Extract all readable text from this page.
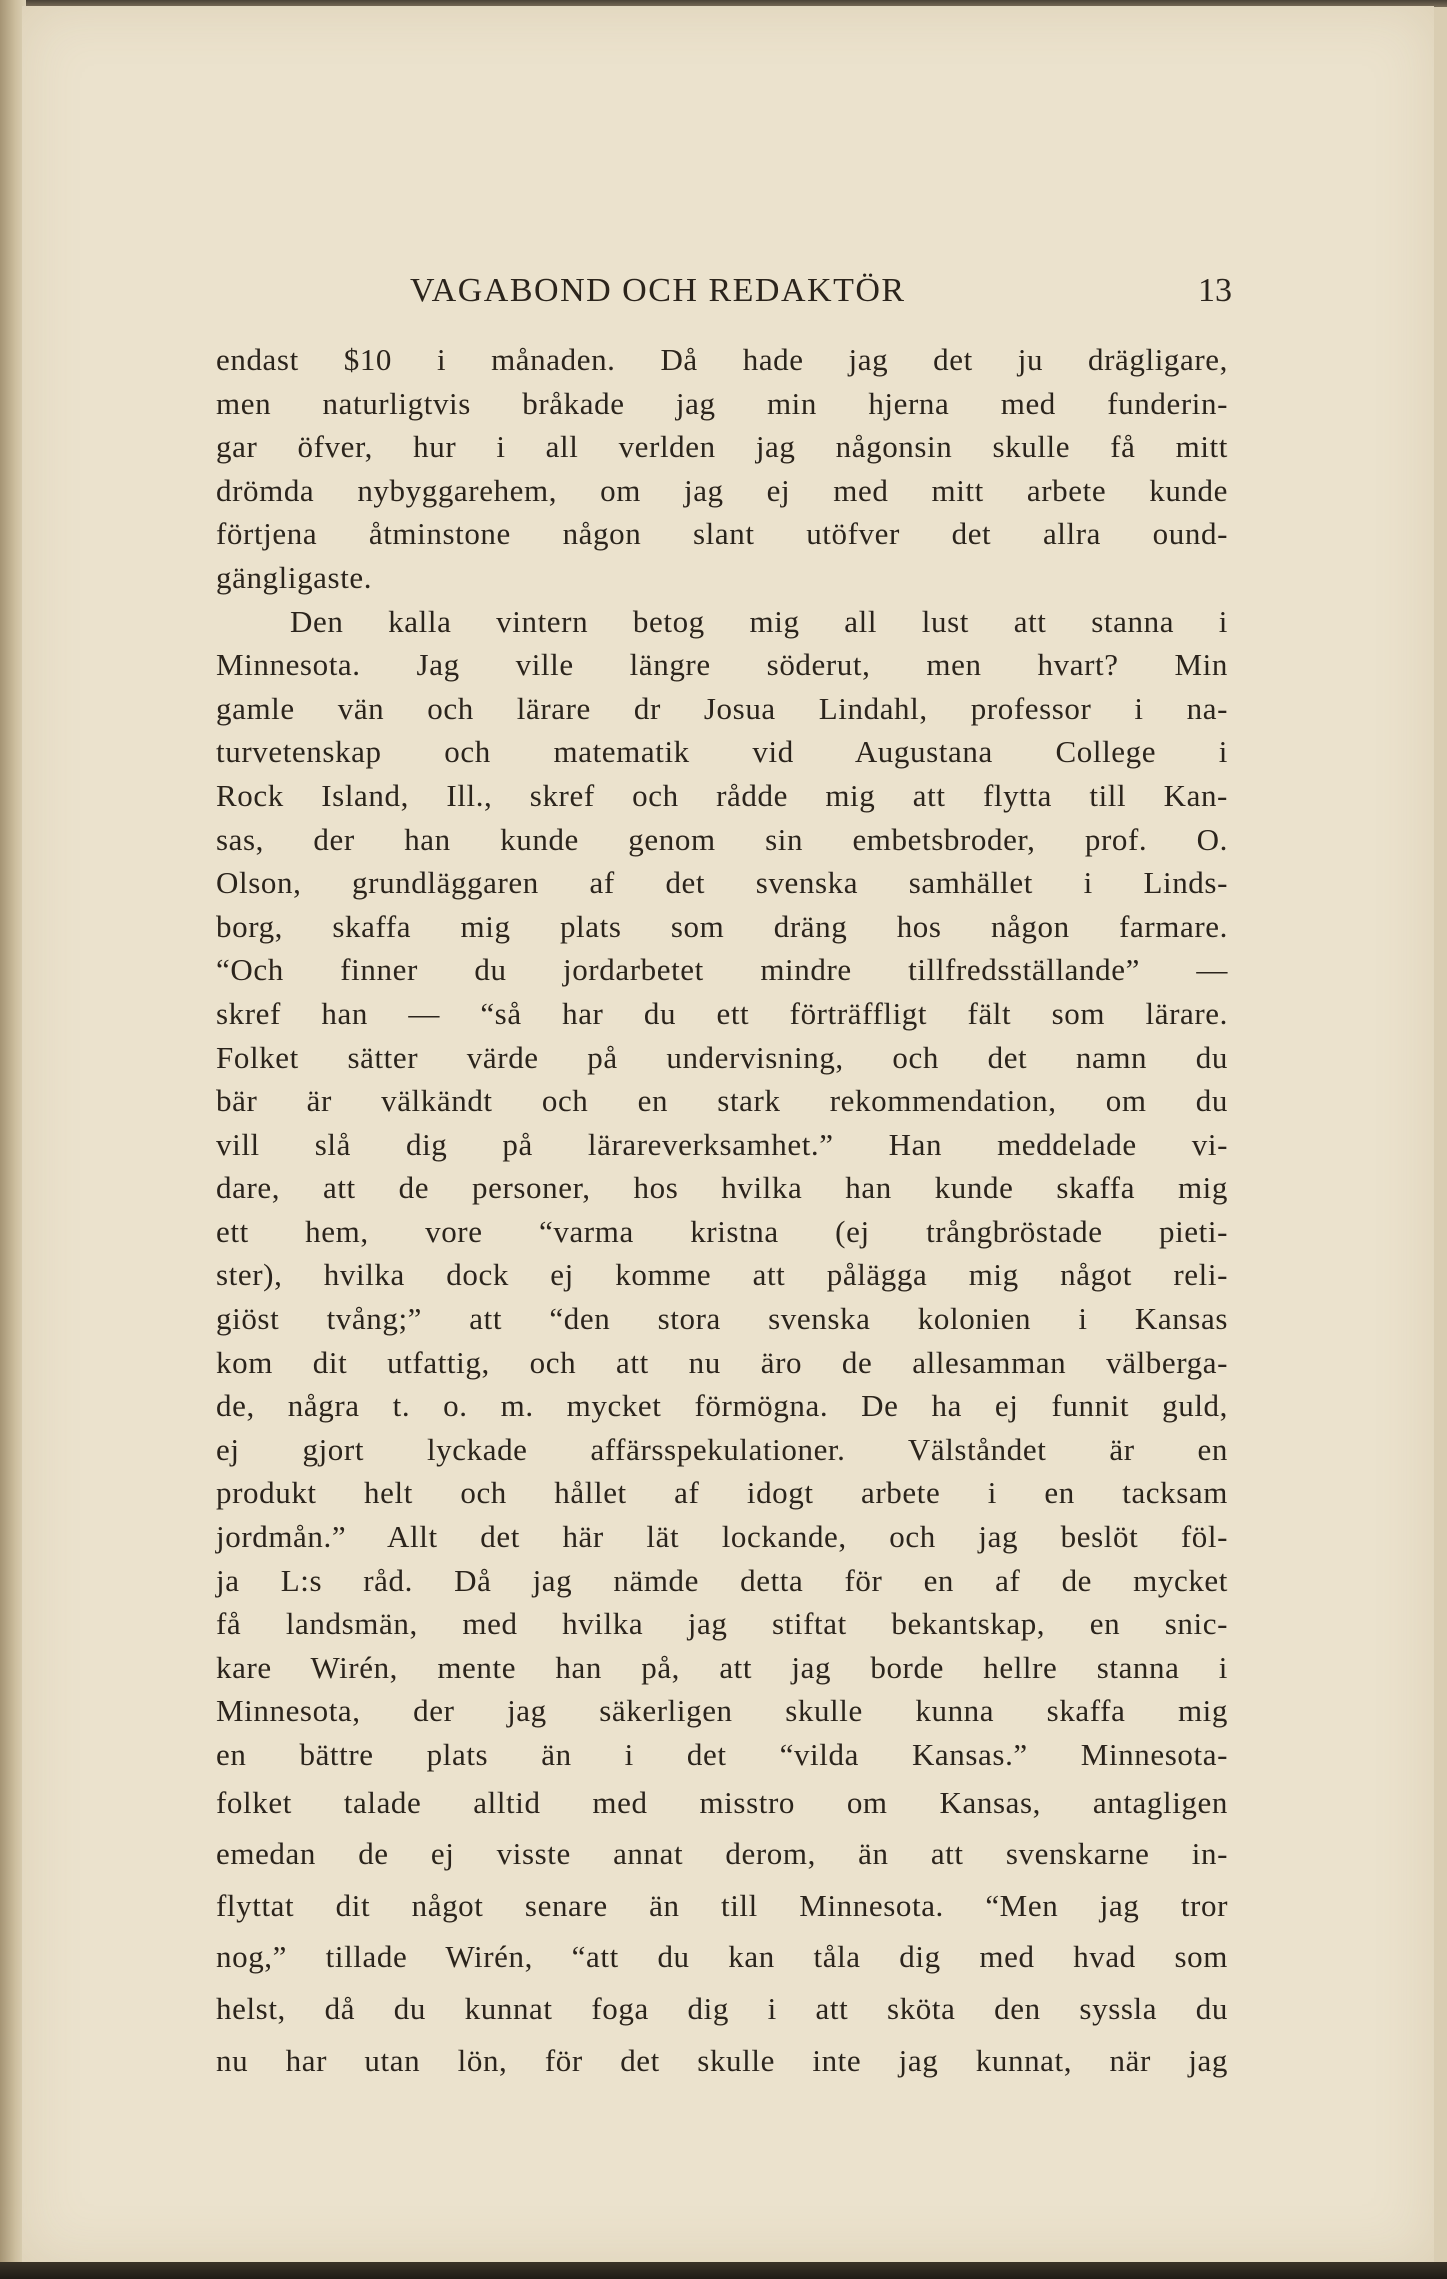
VAGABOND OCH REDAKTÖR	13
endast $10 i månaden. Då hade jag det ju drägligare,
men naturligtvis bråkade jag min hjerna med funderin-
gar öfver, hur i all verlden jag någonsin skulle få mitt
drömda nybyggarehem, om jag ej med mitt arbete kunde
förtjena åtminstone någon slant utöfver det allra ound-
gängligaste.
Den kalla vintern betog mig all lust att stanna i
Minnesota. Jag ville längre söderut, men hvart? Min
gamle vän och lärare dr Josua Lindahl, professor i na-
turvetenskap och matematik vid Augustana College i
Rock Island, Ill., skref och rådde mig att flytta till Kan-
sas, der han kunde genom sin embetsbroder, prof. O.
Olson, grundläggaren af det svenska samhället i Linds-
borg, skaffa mig plats som dräng hos någon farmare.
“Och finner du jordarbetet mindre tillfredsställande” —
skref han — “så har du ett förträffligt fält som lärare.
Folket sätter värde på undervisning, och det namn du
bär är välkändt och en stark rekommendation, om du
vill slå dig på lärareverksamhet.” Han meddelade vi-
dare, att de personer, hos hvilka han kunde skaffa mig
ett hem, vore “varma kristna (ej trångbröstade pieti-
ster), hvilka dock ej komme att pålägga mig något reli-
giöst tvång;” att “den stora svenska kolonien i Kansas
kom dit utfattig, och att nu äro de allesamman välberga-
de, några t. o. m. mycket förmögna. De ha ej funnit guld,
ej gjort lyckade affärsspekulationer. Välståndet är en
produkt helt och hållet af idogt arbete i en tacksam
jordmån.” Allt det här lät lockande, och jag beslöt föl-
ja L:s råd. Då jag nämde detta för en af de mycket
få landsmän, med hvilka jag stiftat bekantskap, en snic-
kare Wirén, mente han på, att jag borde hellre stanna i
Minnesota, der jag säkerligen skulle kunna skaffa mig
en bättre plats än i det “vilda Kansas.” Minnesota-
folket talade alltid med misstro om Kansas, antagligen
emedan de ej visste annat derom, än att svenskarne in-
flyttat dit något senare än till Minnesota. “Men jag tror
nog,” tillade Wirén, “att du kan tåla dig med hvad som
helst, då du kunnat foga dig i att sköta den syssla du
nu har utan lön, för det skulle inte jag kunnat, när jag
